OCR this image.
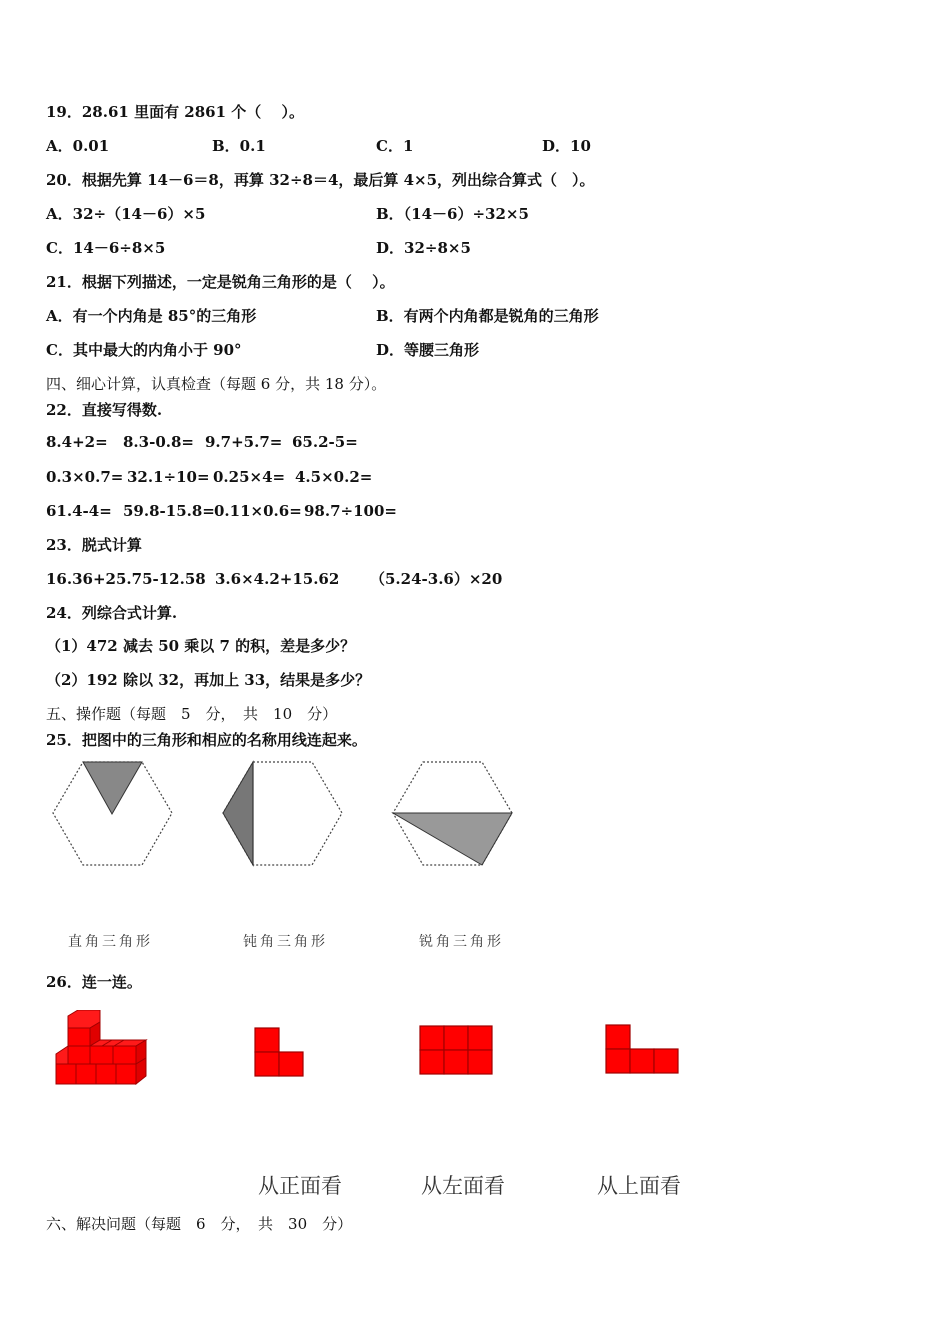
19．28.61 里面有 2861 个（　 ）。
A．0.01	B．0.1	C．1	D．10
20．根据先算 14－6＝8，再算 32÷8＝4，最后算 4×5，列出综合算式（　）。
A．32÷（14－6）×5	B．（14－6）÷32×5
C．14－6÷8×5	D．32÷8×5
21．根据下列描述，一定是锐角三角形的是（　 ）。
A．有一个内角是 85°的三角形	B．有两个内角都是锐角的三角形
C．其中最大的内角小于 90°	D．等腰三角形
四、细心计算，认真检查（每题 6 分，共 18 分）。
22．直接写得数.
8.4+2= 8.3-0.8= 9.7+5.7= 65.2-5=
0.3×0.7= 32.1÷10= 0.25×4= 4.5×0.2=
61.4-4= 59.8-15.8= 0.11×0.6= 98.7÷100=
23．脱式计算
16.36+25.75-12.58 3.6×4.2+15.62 （5.24-3.6）×20
24．列综合式计算.
（1）472 减去 50 乘以 7 的积，差是多少？
（2）192 除以 32，再加上 33，结果是多少？
五、操作题（每题　5　分，　共　10　分）
25．把图中的三角形和相应的名称用线连起来。
直角三角形	钝角三角形	锐角三角形
26．连一连。
从正面看	从左面看	从上面看
六、解决问题（每题　6　分，　共　30　分）
